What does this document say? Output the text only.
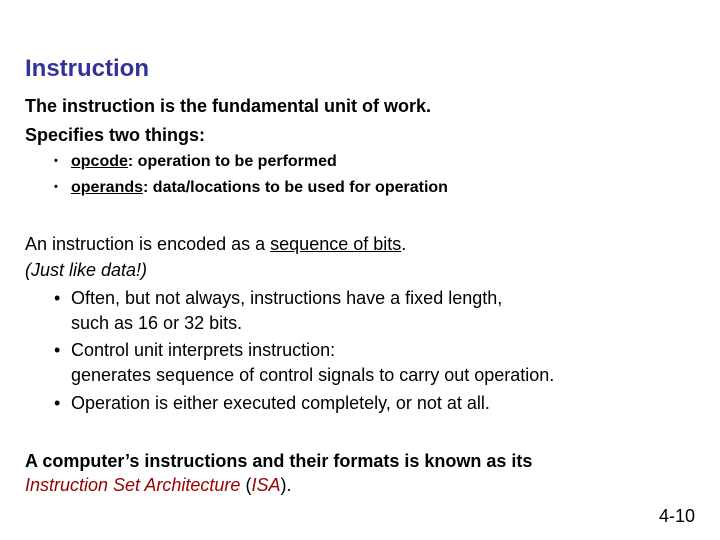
Instruction
The instruction is the fundamental unit of work.
Specifies two things:
• opcode: operation to be performed
• operands: data/locations to be used for operation
An instruction is encoded as a sequence of bits.
(Just like data!)
• Often, but not always, instructions have a fixed length,
such as 16 or 32 bits.
• Control unit interprets instruction:
generates sequence of control signals to carry out operation.
• Operation is either executed completely, or not at all.
A computer’s instructions and their formats is known as its
Instruction Set Architecture (ISA).
4-10
